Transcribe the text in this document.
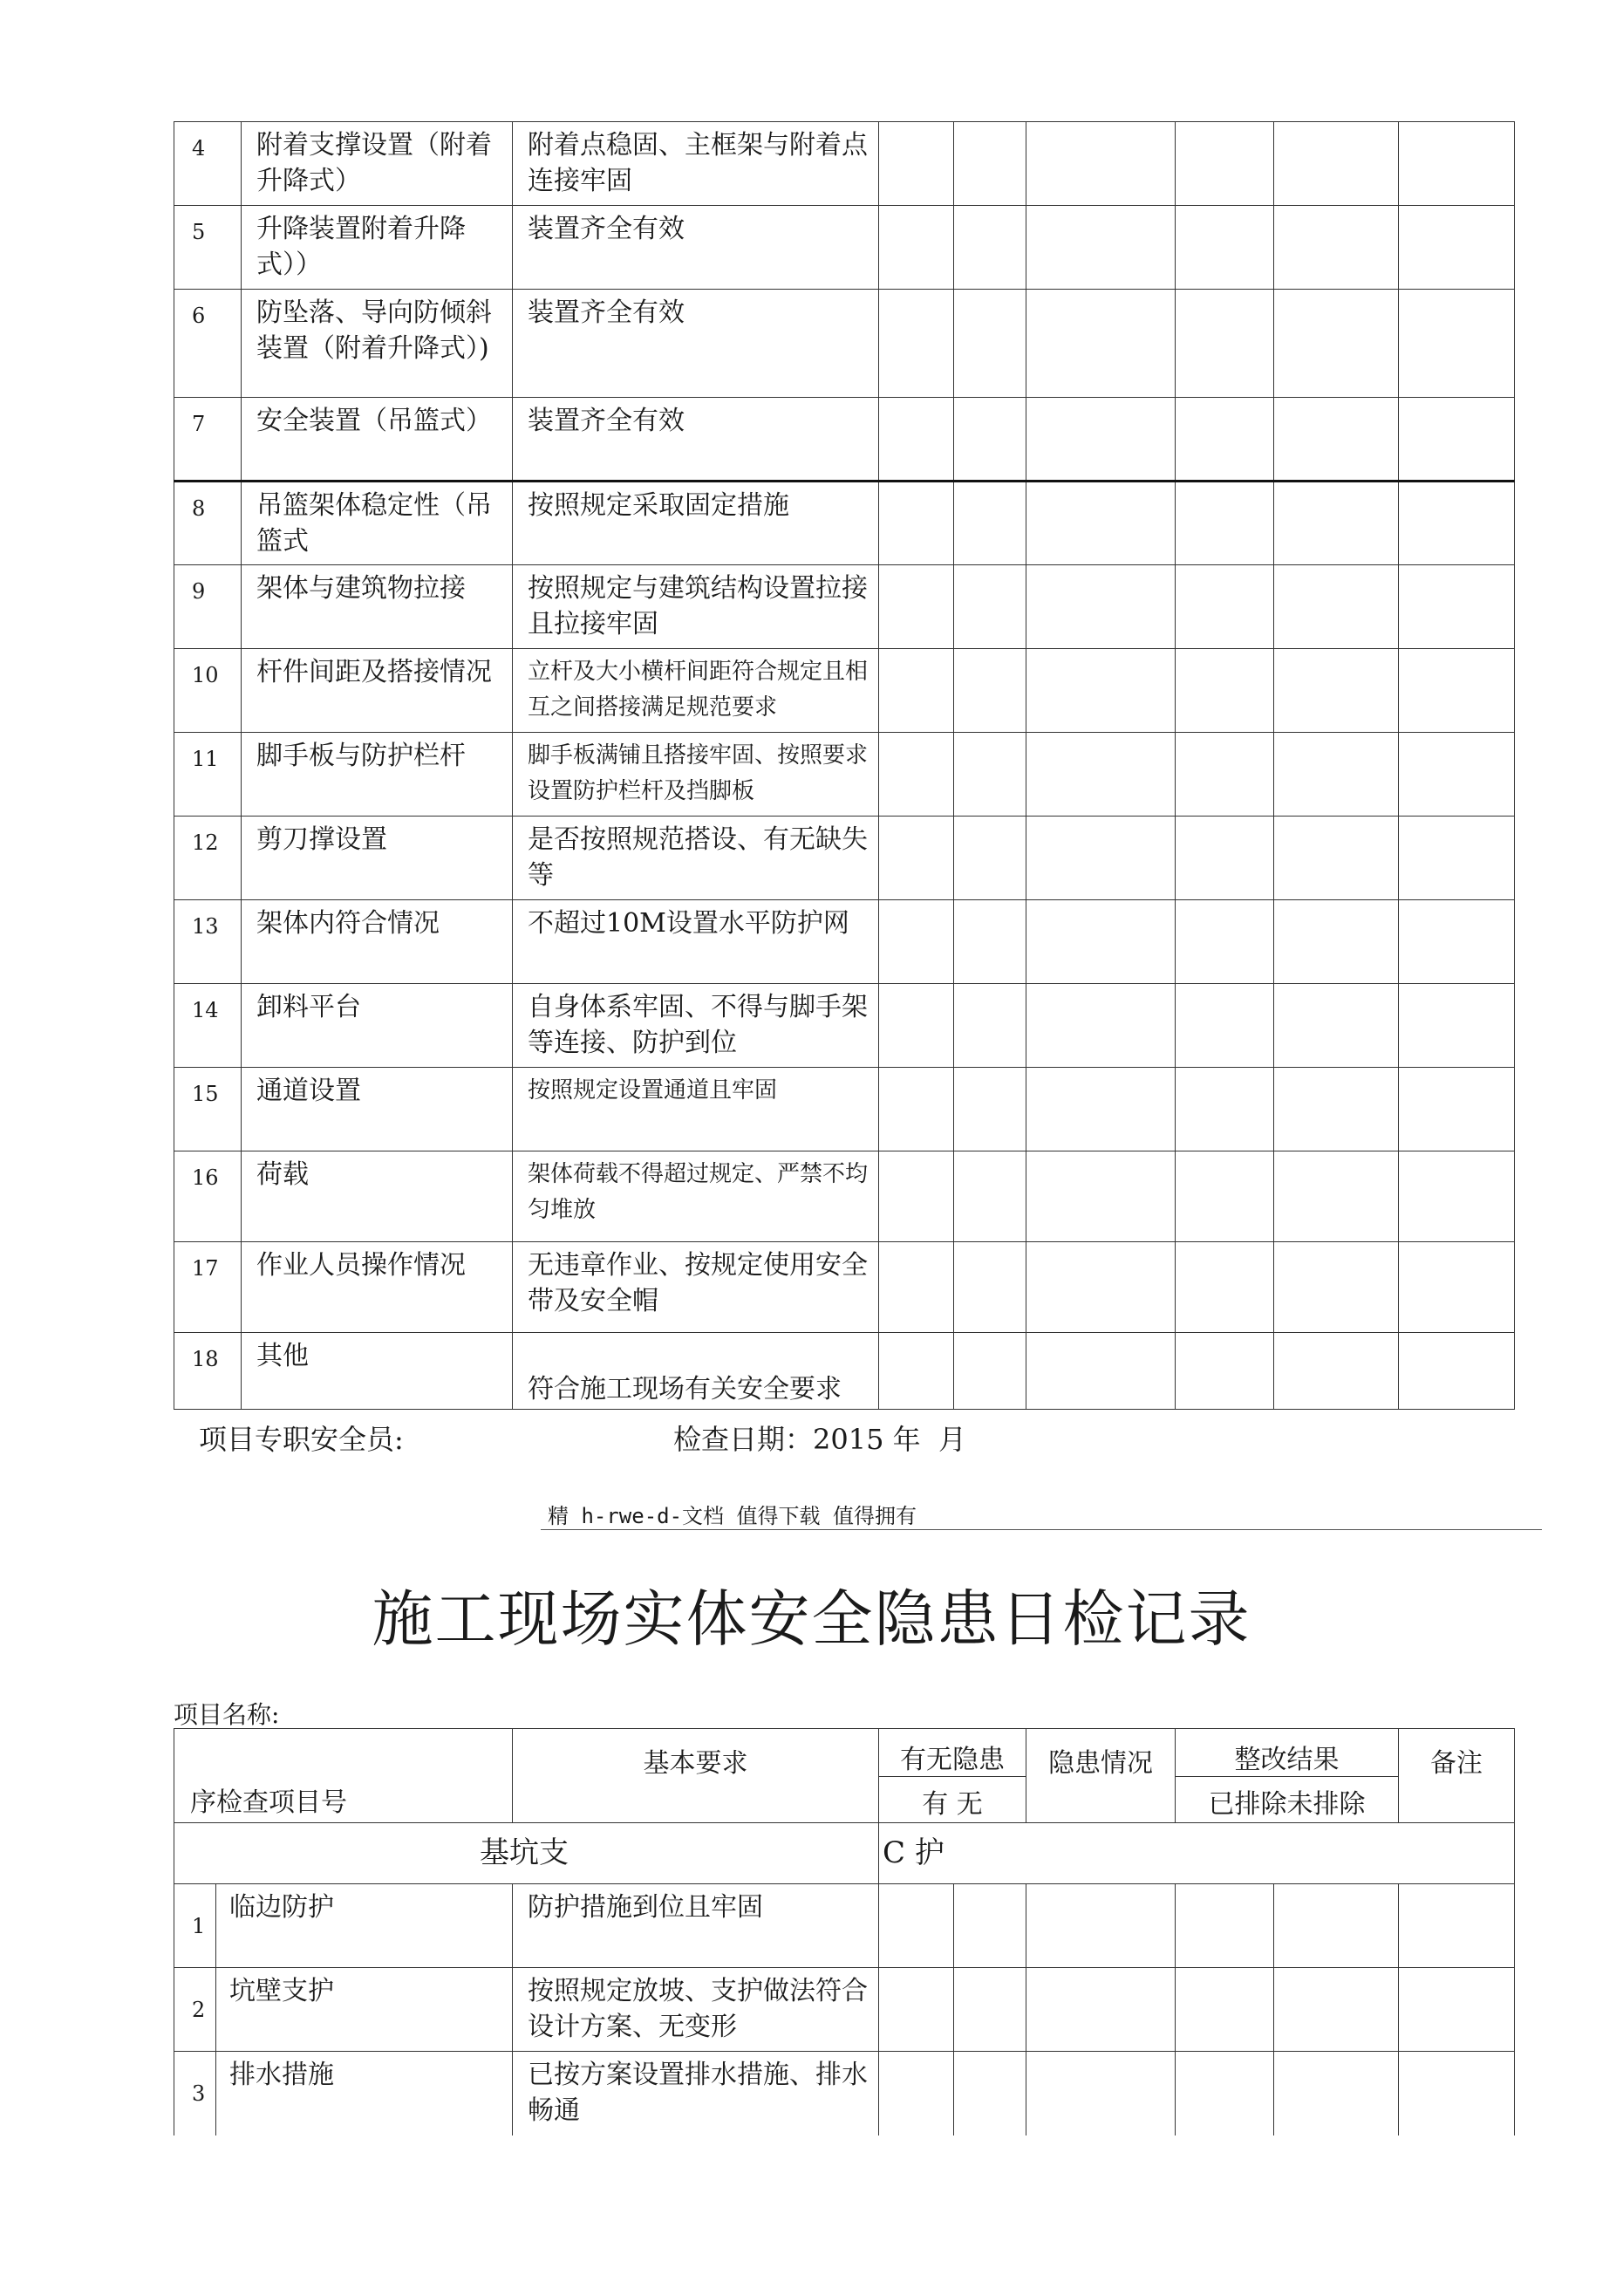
4	附着支撑设置（附着升降式）	附着点稳固、主框架与附着点连接牢固						
5	升降装置附着升降式））	装置齐全有效						
6	防坠落、导向防倾斜装置（附着升降式）)	装置齐全有效						
7	安全装置（吊篮式）	装置齐全有效						
8	吊篮架体稳定性（吊篮式	按照规定采取固定措施						
9	架体与建筑物拉接	按照规定与建筑结构设置拉接且拉接牢固						
10	杆件间距及搭接情况	立杆及大小横杆间距符合规定且相互之间搭接满足规范要求						
11	脚手板与防护栏杆	脚手板满铺且搭接牢固、按照要求设置防护栏杆及挡脚板						
12	剪刀撑设置	是否按照规范搭设、有无缺失等						
13	架体内符合情况	不超过10M设置水平防护网						
14	卸料平台	自身体系牢固、不得与脚手架等连接、防护到位						
15	通道设置	按照规定设置通道且牢固						
16	荷载	架体荷载不得超过规定、严禁不均匀堆放						
17	作业人员操作情况	无违章作业、按规定使用安全带及安全帽						
18	其他	符合施工现场有关安全要求						
项目专职安全员:	检查日期：2015 年  月
精 h-rwe-d-文档 值得下载 值得拥有
施工现场实体安全隐患日检记录
项目名称:
序检查项目号		基本要求	有无隐患		隐患情况	整改结果		备注
			有 无			已排除未排除		
基坑支			C 护					
1	临边防护	防护措施到位且牢固						
2	坑壁支护	按照规定放坡、支护做法符合设计方案、无变形						
3	排水措施	已按方案设置排水措施、排水畅通						
